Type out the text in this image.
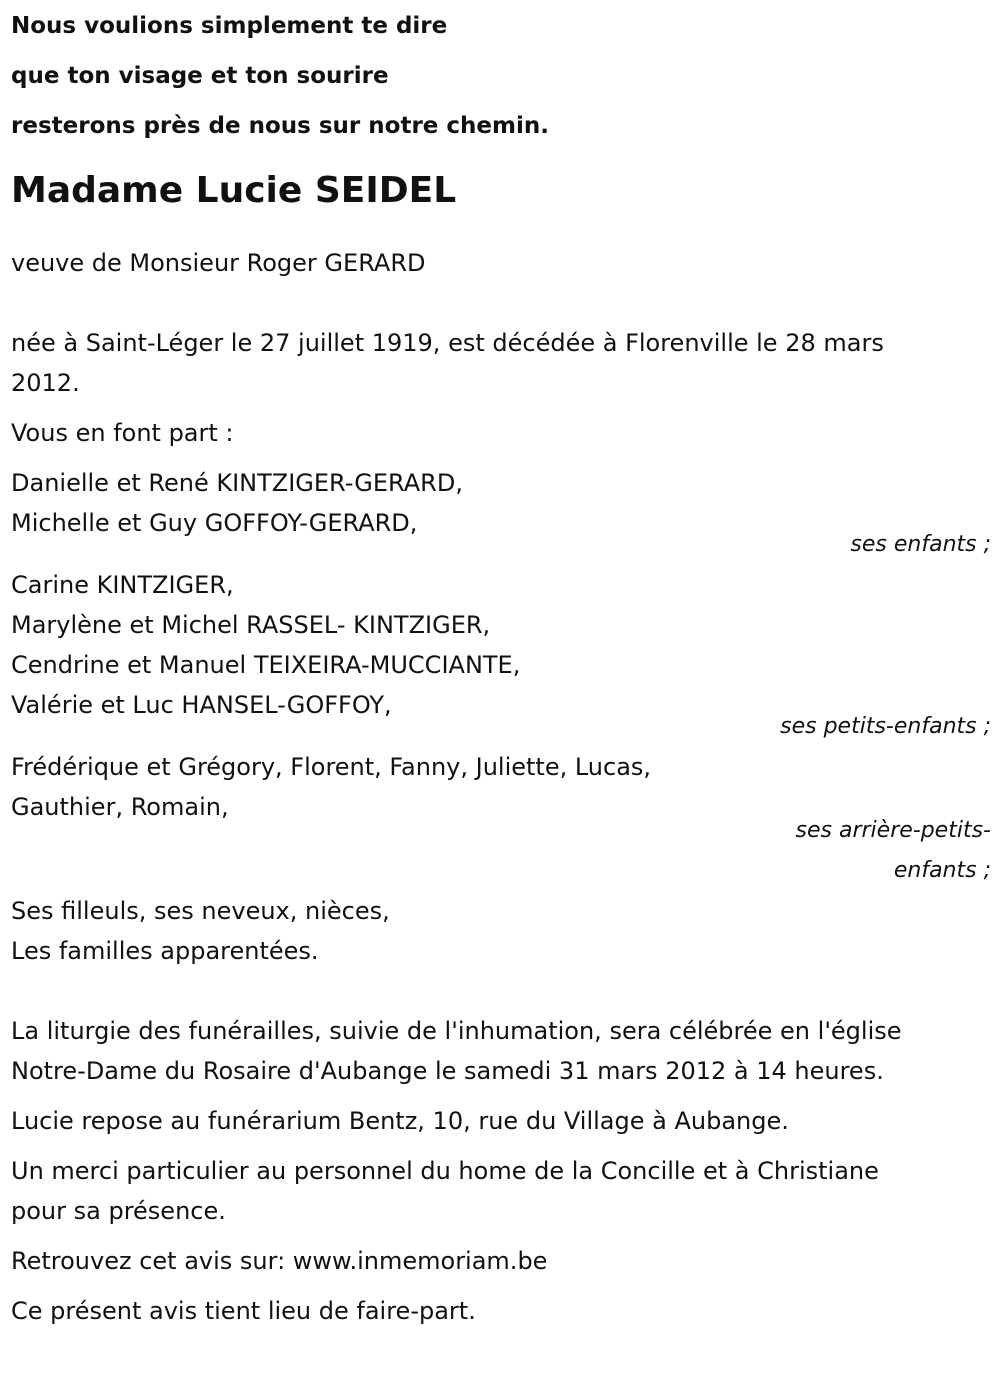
Nous voulions simplement te dire

que ton visage et ton sourire

resterons près de nous sur notre chemin.

Madame Lucie SEIDEL

veuve de Monsieur Roger GERARD

née à Saint-Léger le 27 juillet 1919, est décédée à Florenville le 28 mars

2012.

Vous en font part :

Danielle et René KINTZIGER-GERARD,

Michelle et Guy GOFFOY-GERARD,

ses enfants ;

Carine KINTZIGER,

Marylène et Michel RASSEL- KINTZIGER,

Cendrine et Manuel TEIXEIRA-MUCCIANTE,

Valérie et Luc HANSEL-GOFFOY,

ses petits-enfants ;

Frédérique et Grégory, Florent, Fanny, Juliette, Lucas,

Gauthier, Romain,

ses arrière-petits-

enfants ;

Ses filleuls, ses neveux, nièces,

Les familles apparentées.

La liturgie des funérailles, suivie de l'inhumation, sera célébrée en l'église

Notre-Dame du Rosaire d'Aubange le samedi 31 mars 2012 à 14 heures.

Lucie repose au funérarium Bentz, 10, rue du Village à Aubange.

Un merci particulier au personnel du home de la Concille et à Christiane

pour sa présence.

Retrouvez cet avis sur: www.inmemoriam.be

Ce présent avis tient lieu de faire-part.
